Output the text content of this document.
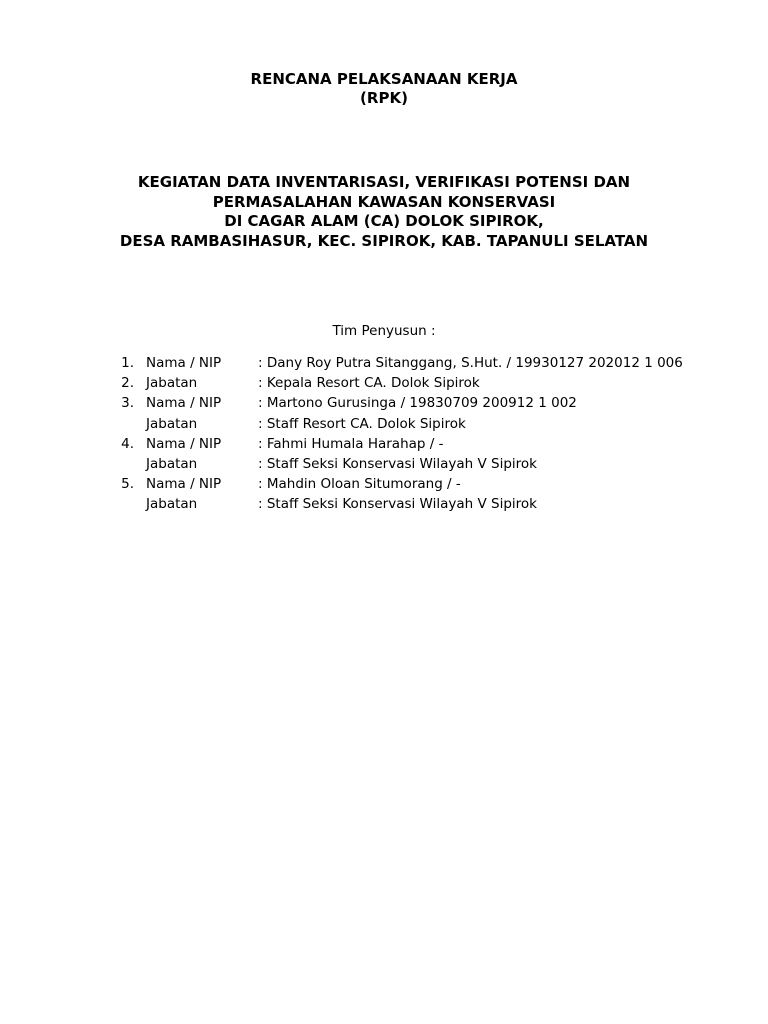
RENCANA PELAKSANAAN KERJA
(RPK)
KEGIATAN DATA INVENTARISASI, VERIFIKASI POTENSI DAN
PERMASALAHAN KAWASAN KONSERVASI
DI CAGAR ALAM (CA) DOLOK SIPIROK,
DESA RAMBASIHASUR, KEC. SIPIROK, KAB. TAPANULI SELATAN
Tim Penyusun :
1. Nama / NIP	: Dany Roy Putra Sitanggang, S.Hut. / 19930127 202012 1 006
2. Jabatan	: Kepala Resort CA. Dolok Sipirok
3. Nama / NIP	: Martono Gurusinga / 19830709 200912 1 002
Jabatan	: Staff Resort CA. Dolok Sipirok
4. Nama / NIP	: Fahmi Humala Harahap / -
Jabatan	: Staff Seksi Konservasi Wilayah V Sipirok
5. Nama / NIP	: Mahdin Oloan Situmorang / -
Jabatan	: Staff Seksi Konservasi Wilayah V Sipirok
